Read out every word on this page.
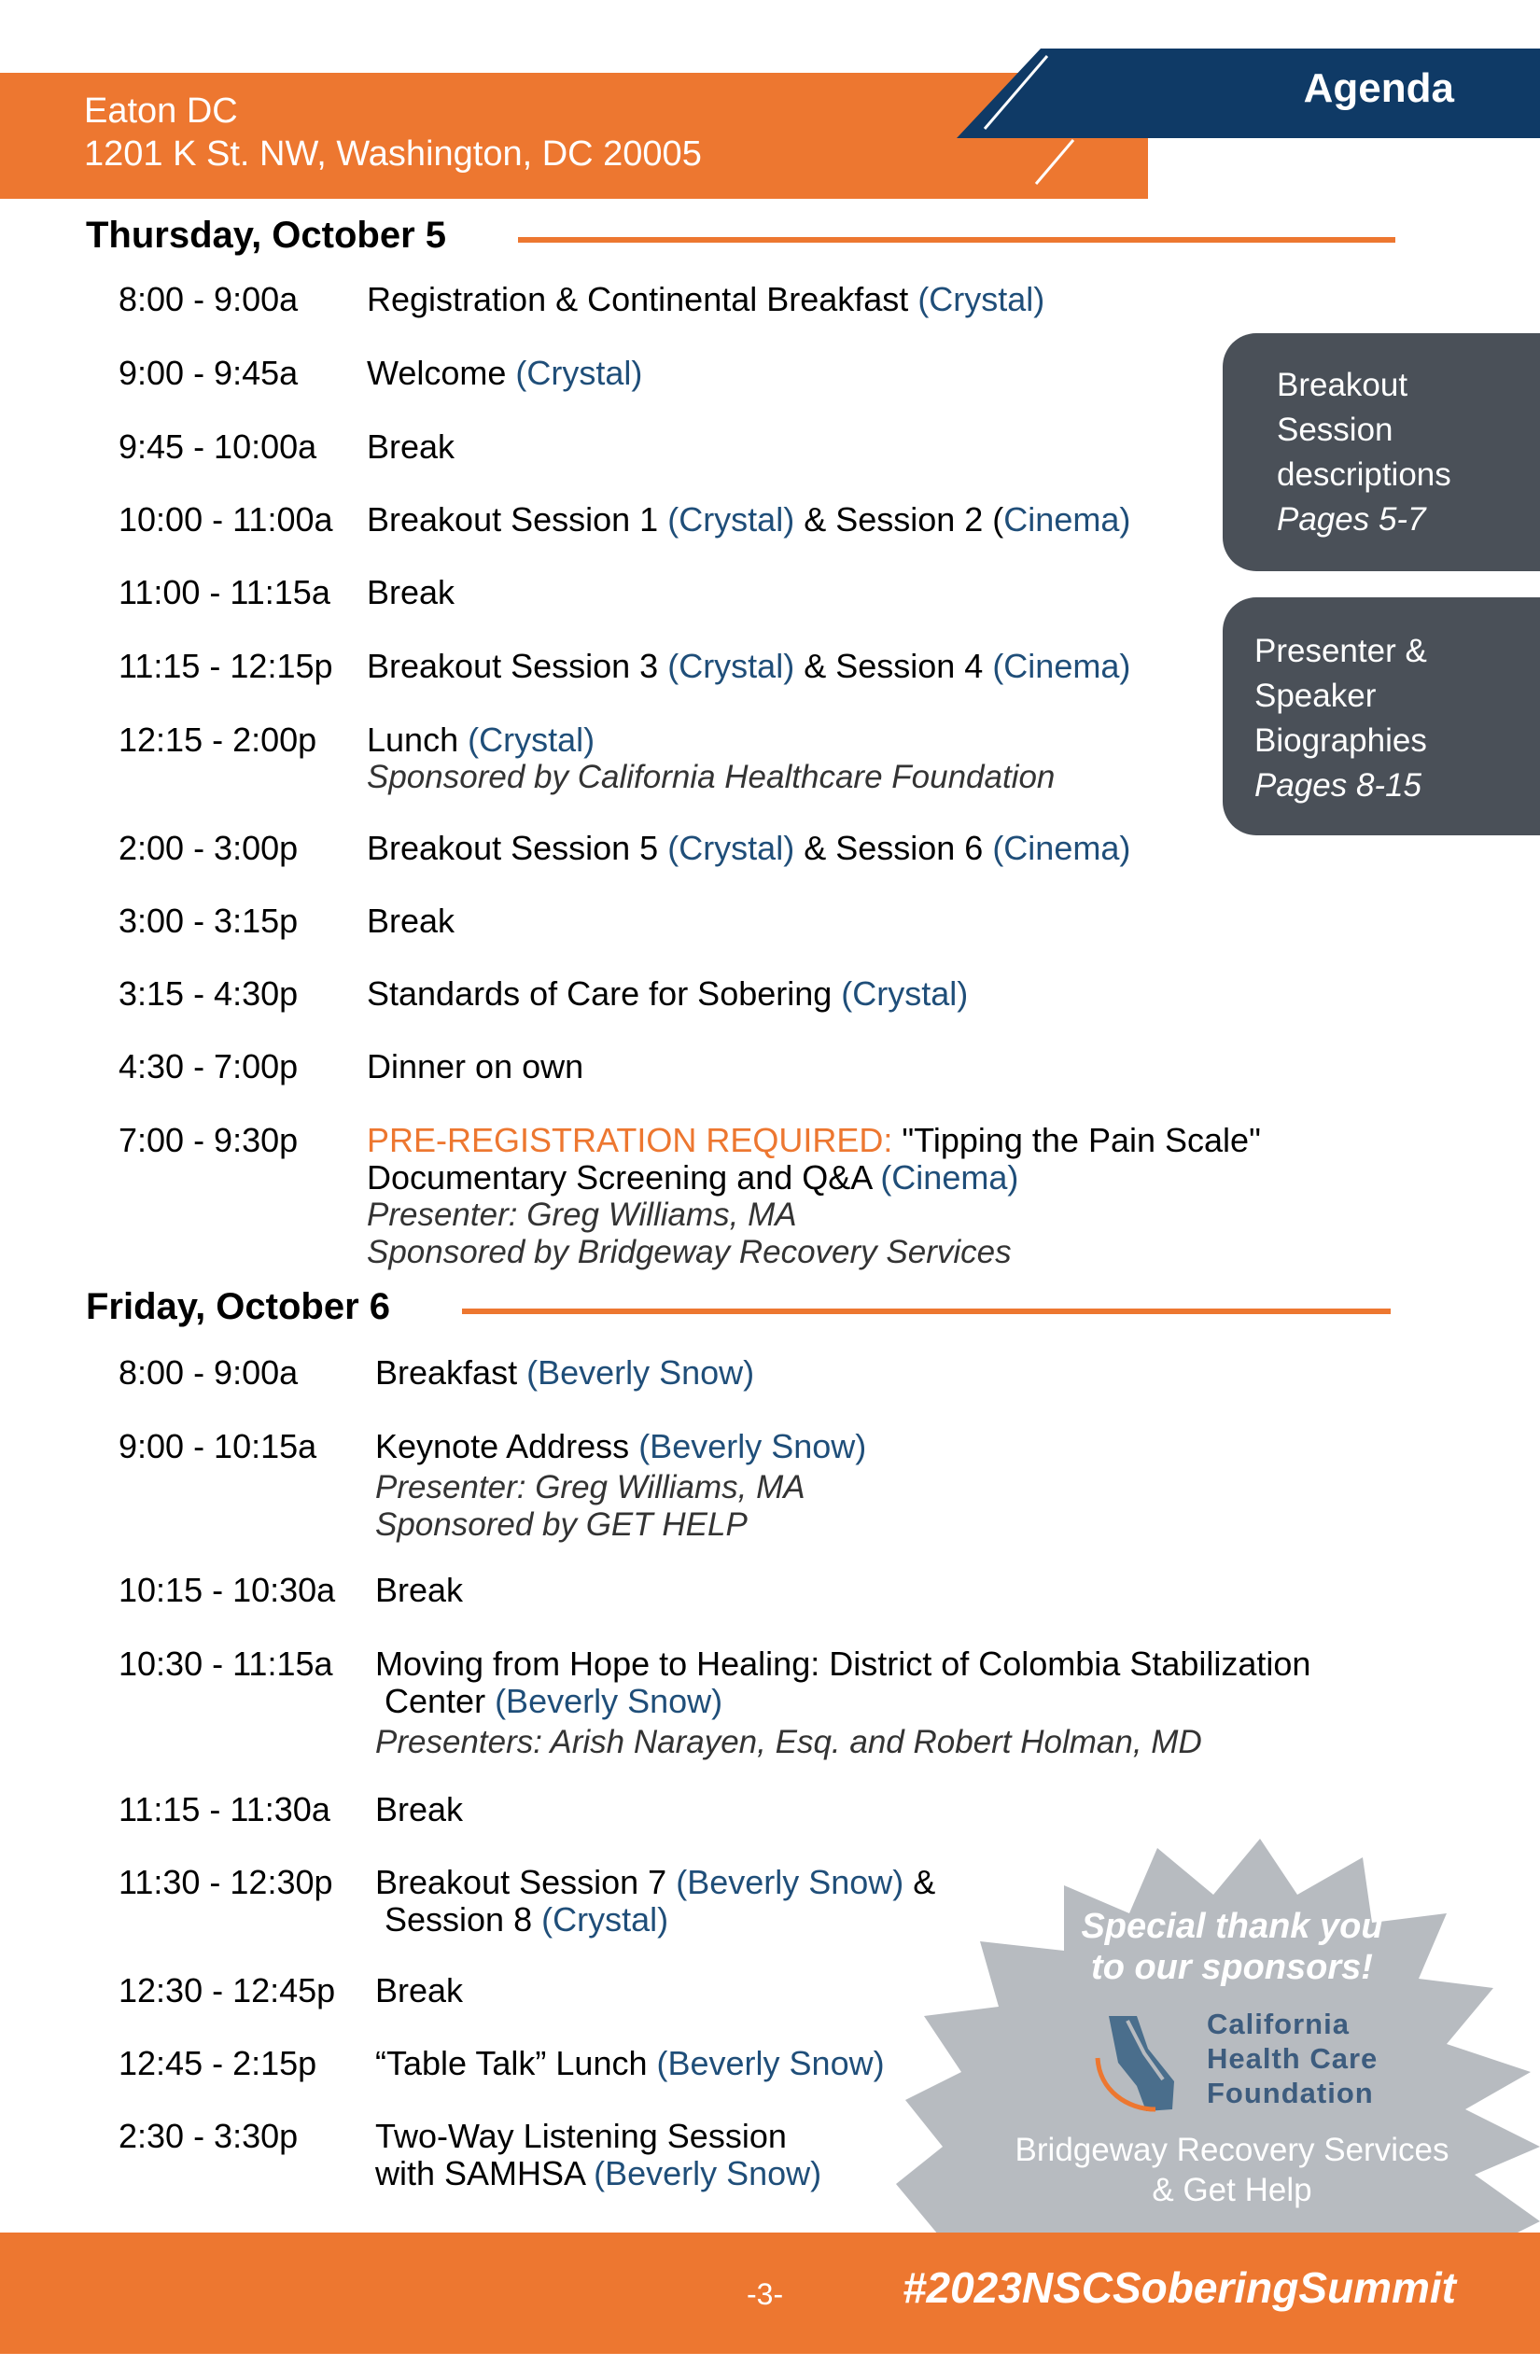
Eaton DC
1201 K St. NW, Washington, DC 20005
Agenda
Thursday, October 5
Friday, October 6
8:00 - 9:00a Registration & Continental Breakfast (Crystal)
9:00 - 9:45a Welcome (Crystal)
9:45 - 10:00a Break
10:00 - 11:00a Breakout Session 1 (Crystal) & Session 2 (Cinema)
11:00 - 11:15a Break
11:15 - 12:15p Breakout Session 3 (Crystal) & Session 4 (Cinema)
12:15 - 2:00p Lunch (Crystal)
Sponsored by California Healthcare Foundation
2:00 - 3:00p Breakout Session 5 (Crystal) & Session 6 (Cinema)
3:00 - 3:15p Break
3:15 - 4:30p Standards of Care for Sobering (Crystal)
4:30 - 7:00p Dinner on own
7:00 - 9:30p PRE-REGISTRATION REQUIRED: "Tipping the Pain Scale"
Documentary Screening and Q&A (Cinema)
Presenter: Greg Williams, MA
Sponsored by Bridgeway Recovery Services
8:00 - 9:00a Breakfast (Beverly Snow)
9:00 - 10:15a Keynote Address (Beverly Snow)
Presenter: Greg Williams, MA
Sponsored by GET HELP
10:15 - 10:30a Break
10:30 - 11:15a Moving from Hope to Healing: District of Colombia Stabilization
Center (Beverly Snow)
Presenters: Arish Narayen, Esq. and Robert Holman, MD
11:15 - 11:30a Break
11:30 - 12:30p Breakout Session 7 (Beverly Snow) &
Session 8 (Crystal)
12:30 - 12:45p Break
12:45 - 2:15p “Table Talk” Lunch (Beverly Snow)
2:30 - 3:30p Two-Way Listening Session
with SAMHSA (Beverly Snow)
Breakout
Session
descriptions
Pages 5-7
Presenter &
Speaker
Biographies
Pages 8-15
Special thank you
to our sponsors!
California
Health Care
Foundation
Bridgeway Recovery Services
& Get Help
-3-	#2023NSCSoberingSummit
